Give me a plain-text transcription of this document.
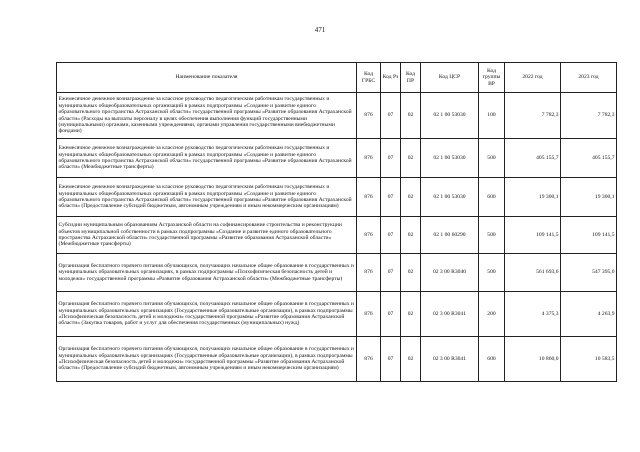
471
Наименование показателя	Код ГРБС	Код Рз	Код ПР	Код ЦСР	Код группы ВР	2022 год	2023 год
Ежемесячное денежное вознаграждение за классное руководство педагогическим работникам государственных и муниципальных общеобразовательных организаций в рамках подпрограммы «Создание и развитие единого образовательного пространства Астраханской области» государственной программы «Развитие образования Астраханской области» (Расходы на выплаты персоналу в целях обеспечения выполнения функций государственными (муниципальными) органами, казенными учреждениями, органами управления государственными внебюджетными фондами)	876	07	02	02 1 00 53030	100	7 782,3	7 782,3
Ежемесячное денежное вознаграждение за классное руководство педагогическим работникам государственных и муниципальных общеобразовательных организаций в рамках подпрограммы «Создание и развитие единого образовательного пространства Астраханской области» государственной программы «Развитие образования Астраханской области» (Межбюджетные трансферты)	876	07	02	02 1 00 53030	500	405 155,7	405 155,7
Ежемесячное денежное вознаграждение за классное руководство педагогическим работникам государственных и муниципальных общеобразовательных организаций в рамках подпрограммы «Создание и развитие единого образовательного пространства Астраханской области» государственной программы «Развитие образования Астраханской области» (Предоставление субсидий бюджетным, автономным учреждениям и иным некоммерческим организациям)	876	07	02	02 1 00 53030	600	19 300,1	19 300,1
Субсидии муниципальным образованиям Астраханской области на софинансирование строительства и реконструкции объектов муниципальной собственности в рамках подпрограммы «Создание и развитие единого образовательного пространства Астраханской области» государственной программы «Развитие образования Астраханской области» (Межбюджетные трансферты)	876	07	02	02 1 00 60290	500	109 141,5	109 141,5
Организация бесплатного горячего питания обучающихся, получающих начальное общее образование в государственных и муниципальных образовательных организациях, в рамках подпрограммы «Психофизическая безопасность детей и молодежи» государственной программы «Развитие образования Астраханской области» (Межбюджетные трансферты)	876	07	02	02 3 00 R3040	500	561 693,6	547 395,0
Организация бесплатного горячего питания обучающихся, получающих начальное общее образование в государственных и муниципальных образовательных организациях (Государственные образовательные организации), в рамках подпрограммы «Психофизическая безопасность детей и молодежи» государственной программы «Развитие образования Астраханской области» (Закупка товаров, работ и услуг для обеспечения государственных (муниципальных) нужд)	876	07	02	02 3 00 R3041	200	4 375,3	4 263,9
Организация бесплатного горячего питания обучающихся, получающих начальное общее образование в государственных и муниципальных образовательных организациях (Государственные образовательные организации), в рамках подпрограммы «Психофизическая безопасность детей и молодежи» государственной программы «Развитие образования Астраханской области» (Предоставление субсидий бюджетным, автономным учреждениям и иным некоммерческим организациям)	876	07	02	02 3 00 R3041	600	10 860,0	10 583,5
